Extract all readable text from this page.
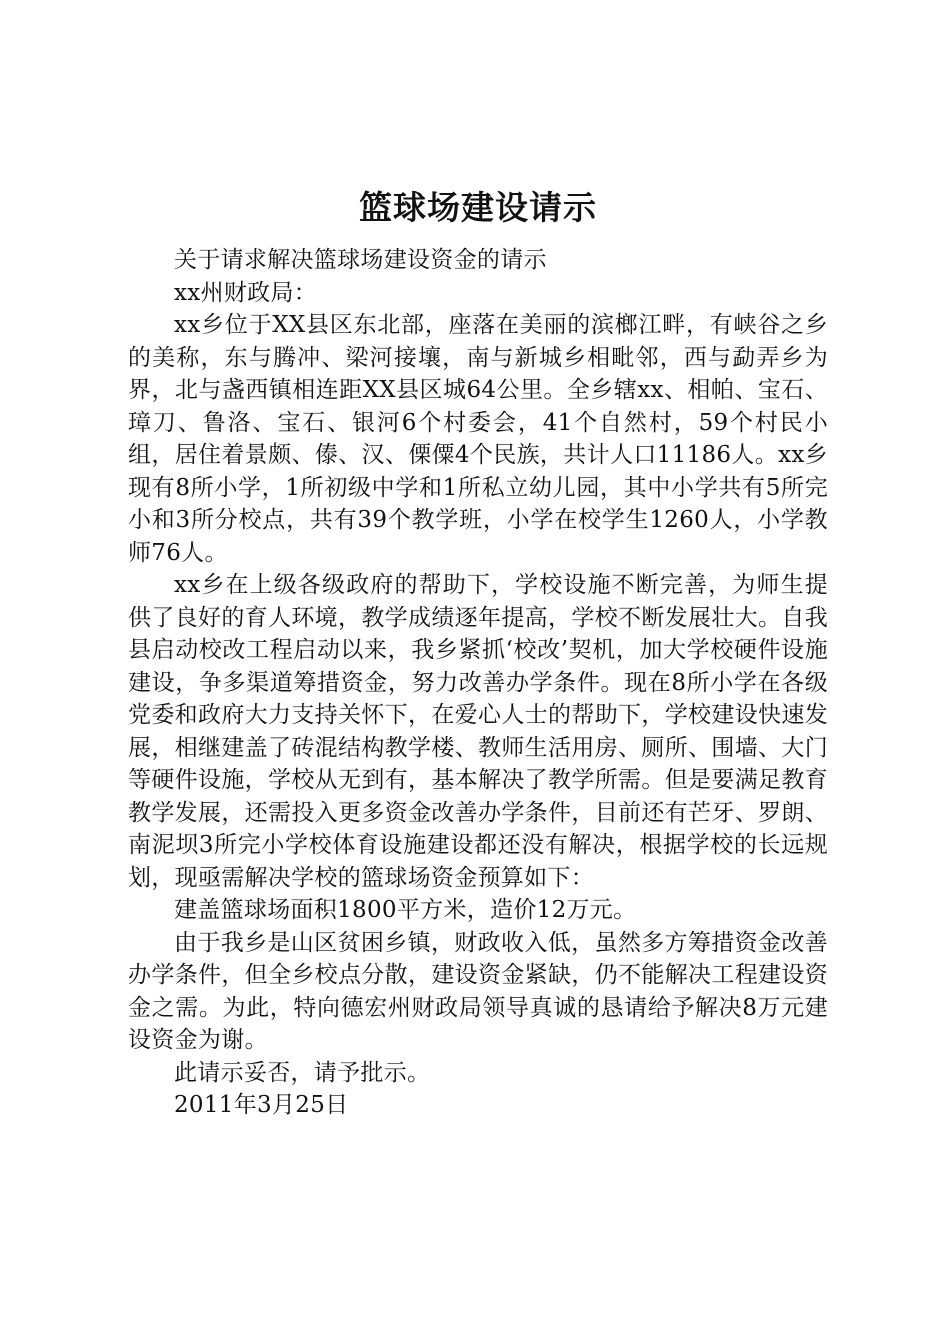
篮球场建设请示

关于请求解决篮球场建设资金的请示

xx州财政局：

xx乡位于XX县区东北部，座落在美丽的滨榔江畔，有峡谷之乡的美称，东与腾冲、梁河接壤，南与新城乡相毗邻，西与勐弄乡为界，北与盏西镇相连距XX县区城64公里。全乡辖xx、相帕、宝石、璋刀、鲁洛、宝石、银河6个村委会，41个自然村，59个村民小组，居住着景颇、傣、汉、傈僳4个民族，共计人口11186人。xx乡现有8所小学，1所初级中学和1所私立幼儿园，其中小学共有5所完小和3所分校点，共有39个教学班，小学在校学生1260人，小学教师76人。

xx乡在上级各级政府的帮助下，学校设施不断完善，为师生提供了良好的育人环境，教学成绩逐年提高，学校不断发展壮大。自我县启动校改工程启动以来，我乡紧抓‘校改’契机，加大学校硬件设施建设，争多渠道筹措资金，努力改善办学条件。现在8所小学在各级党委和政府大力支持关怀下，在爱心人士的帮助下，学校建设快速发展，相继建盖了砖混结构教学楼、教师生活用房、厕所、围墙、大门等硬件设施，学校从无到有，基本解决了教学所需。但是要满足教育教学发展，还需投入更多资金改善办学条件，目前还有芒牙、罗朗、南泥坝3所完小学校体育设施建设都还没有解决，根据学校的长远规划，现亟需解决学校的篮球场资金预算如下：

建盖篮球场面积1800平方米，造价12万元。

由于我乡是山区贫困乡镇，财政收入低，虽然多方筹措资金改善办学条件，但全乡校点分散，建设资金紧缺，仍不能解决工程建设资金之需。为此，特向德宏州财政局领导真诚的恳请给予解决8万元建设资金为谢。

此请示妥否，请予批示。

2011年3月25日
